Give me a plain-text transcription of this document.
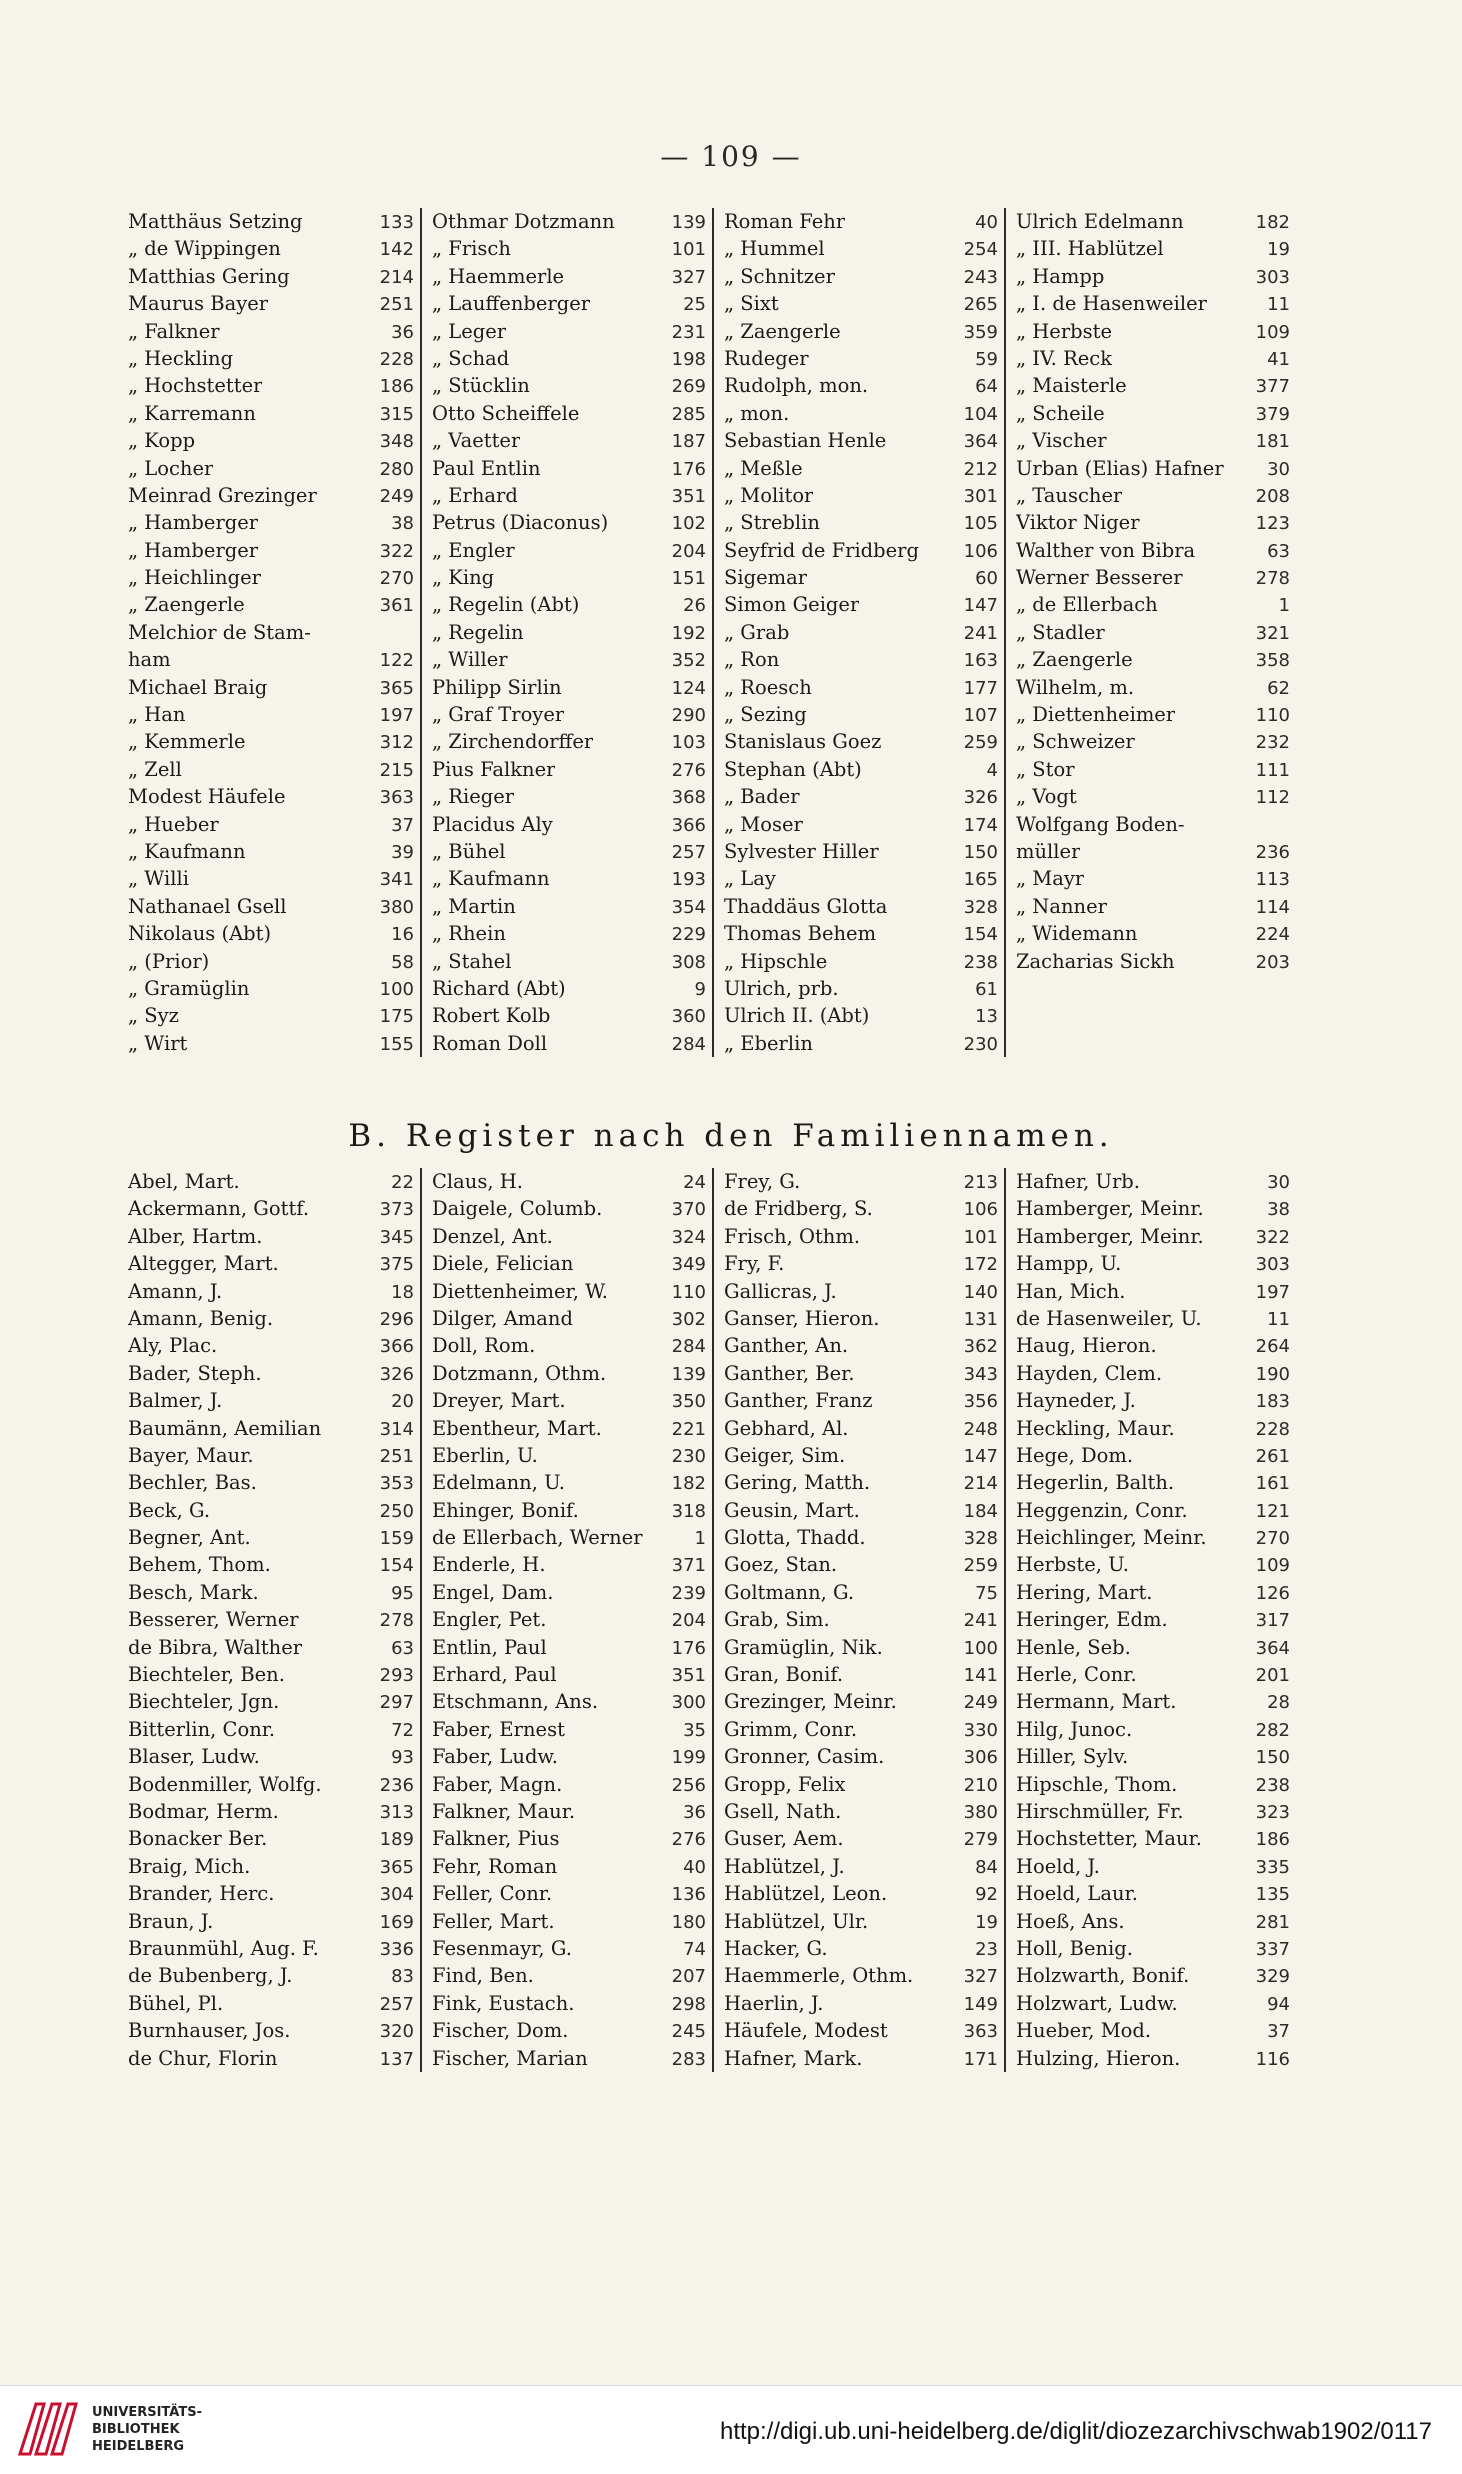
— 109 —
Matthäus Setzing	133
„ de Wippingen	142
Matthias Gering	214
Maurus Bayer	251
„ Falkner	36
„ Heckling	228
„ Hochstetter	186
„ Karremann	315
„ Kopp	348
„ Locher	280
Meinrad Grezinger	249
„ Hamberger	38
„ Hamberger	322
„ Heichlinger	270
„ Zaengerle	361
Melchior de Stam-
ham	122
Michael Braig	365
„ Han	197
„ Kemmerle	312
„ Zell	215
Modest Häufele	363
„ Hueber	37
„ Kaufmann	39
„ Willi	341
Nathanael Gsell	380
Nikolaus (Abt)	16
„ (Prior)	58
„ Gramüglin	100
„ Syz	175
„ Wirt	155
Othmar Dotzmann	139
„ Frisch	101
„ Haemmerle	327
„ Lauffenberger	25
„ Leger	231
„ Schad	198
„ Stücklin	269
Otto Scheiffele	285
„ Vaetter	187
Paul Entlin	176
„ Erhard	351
Petrus (Diaconus)	102
„ Engler	204
„ King	151
„ Regelin (Abt)	26
„ Regelin	192
„ Willer	352
Philipp Sirlin	124
„ Graf Troyer	290
„ Zirchendorffer	103
Pius Falkner	276
„ Rieger	368
Placidus Aly	366
„ Bühel	257
„ Kaufmann	193
„ Martin	354
„ Rhein	229
„ Stahel	308
Richard (Abt)	9
Robert Kolb	360
Roman Doll	284
Roman Fehr	40
„ Hummel	254
„ Schnitzer	243
„ Sixt	265
„ Zaengerle	359
Rudeger	59
Rudolph, mon.	64
„ mon.	104
Sebastian Henle	364
„ Meßle	212
„ Molitor	301
„ Streblin	105
Seyfrid de Fridberg	106
Sigemar	60
Simon Geiger	147
„ Grab	241
„ Ron	163
„ Roesch	177
„ Sezing	107
Stanislaus Goez	259
Stephan (Abt)	4
„ Bader	326
„ Moser	174
Sylvester Hiller	150
„ Lay	165
Thaddäus Glotta	328
Thomas Behem	154
„ Hipschle	238
Ulrich, prb.	61
Ulrich II. (Abt)	13
„ Eberlin	230
Ulrich Edelmann	182
„ III. Hablützel	19
„ Hampp	303
„ I. de Hasenweiler	11
„ Herbste	109
„ IV. Reck	41
„ Maisterle	377
„ Scheile	379
„ Vischer	181
Urban (Elias) Hafner	30
„ Tauscher	208
Viktor Niger	123
Walther von Bibra	63
Werner Besserer	278
„ de Ellerbach	1
„ Stadler	321
„ Zaengerle	358
Wilhelm, m.	62
„ Diettenheimer	110
„ Schweizer	232
„ Stor	111
„ Vogt	112
Wolfgang Boden-
müller	236
„ Mayr	113
„ Nanner	114
„ Widemann	224
Zacharias Sickh	203
B. Register nach den Familiennamen.
Abel, Mart.	22
Ackermann, Gottf.	373
Alber, Hartm.	345
Altegger, Mart.	375
Amann, J.	18
Amann, Benig.	296
Aly, Plac.	366
Bader, Steph.	326
Balmer, J.	20
Baumänn, Aemilian	314
Bayer, Maur.	251
Bechler, Bas.	353
Beck, G.	250
Begner, Ant.	159
Behem, Thom.	154
Besch, Mark.	95
Besserer, Werner	278
de Bibra, Walther	63
Biechteler, Ben.	293
Biechteler, Jgn.	297
Bitterlin, Conr.	72
Blaser, Ludw.	93
Bodenmiller, Wolfg.	236
Bodmar, Herm.	313
Bonacker Ber.	189
Braig, Mich.	365
Brander, Herc.	304
Braun, J.	169
Braunmühl, Aug. F.	336
de Bubenberg, J.	83
Bühel, Pl.	257
Burnhauser, Jos.	320
de Chur, Florin	137
Claus, H.	24
Daigele, Columb.	370
Denzel, Ant.	324
Diele, Felician	349
Diettenheimer, W.	110
Dilger, Amand	302
Doll, Rom.	284
Dotzmann, Othm.	139
Dreyer, Mart.	350
Ebentheur, Mart.	221
Eberlin, U.	230
Edelmann, U.	182
Ehinger, Bonif.	318
de Ellerbach, Werner	1
Enderle, H.	371
Engel, Dam.	239
Engler, Pet.	204
Entlin, Paul	176
Erhard, Paul	351
Etschmann, Ans.	300
Faber, Ernest	35
Faber, Ludw.	199
Faber, Magn.	256
Falkner, Maur.	36
Falkner, Pius	276
Fehr, Roman	40
Feller, Conr.	136
Feller, Mart.	180
Fesenmayr, G.	74
Find, Ben.	207
Fink, Eustach.	298
Fischer, Dom.	245
Fischer, Marian	283
Frey, G.	213
de Fridberg, S.	106
Frisch, Othm.	101
Fry, F.	172
Gallicras, J.	140
Ganser, Hieron.	131
Ganther, An.	362
Ganther, Ber.	343
Ganther, Franz	356
Gebhard, Al.	248
Geiger, Sim.	147
Gering, Matth.	214
Geusin, Mart.	184
Glotta, Thadd.	328
Goez, Stan.	259
Goltmann, G.	75
Grab, Sim.	241
Gramüglin, Nik.	100
Gran, Bonif.	141
Grezinger, Meinr.	249
Grimm, Conr.	330
Gronner, Casim.	306
Gropp, Felix	210
Gsell, Nath.	380
Guser, Aem.	279
Hablützel, J.	84
Hablützel, Leon.	92
Hablützel, Ulr.	19
Hacker, G.	23
Haemmerle, Othm.	327
Haerlin, J.	149
Häufele, Modest	363
Hafner, Mark.	171
Hafner, Urb.	30
Hamberger, Meinr.	38
Hamberger, Meinr.	322
Hampp, U.	303
Han, Mich.	197
de Hasenweiler, U.	11
Haug, Hieron.	264
Hayden, Clem.	190
Hayneder, J.	183
Heckling, Maur.	228
Hege, Dom.	261
Hegerlin, Balth.	161
Heggenzin, Conr.	121
Heichlinger, Meinr.	270
Herbste, U.	109
Hering, Mart.	126
Heringer, Edm.	317
Henle, Seb.	364
Herle, Conr.	201
Hermann, Mart.	28
Hilg, Junoc.	282
Hiller, Sylv.	150
Hipschle, Thom.	238
Hirschmüller, Fr.	323
Hochstetter, Maur.	186
Hoeld, J.	335
Hoeld, Laur.	135
Hoeß, Ans.	281
Holl, Benig.	337
Holzwarth, Bonif.	329
Holzwart, Ludw.	94
Hueber, Mod.	37
Hulzing, Hieron.	116
UNIVERSITÄTS-
BIBLIOTHEK
HEIDELBERG
http://digi.ub.uni-heidelberg.de/diglit/diozezarchivschwab1902/0117
